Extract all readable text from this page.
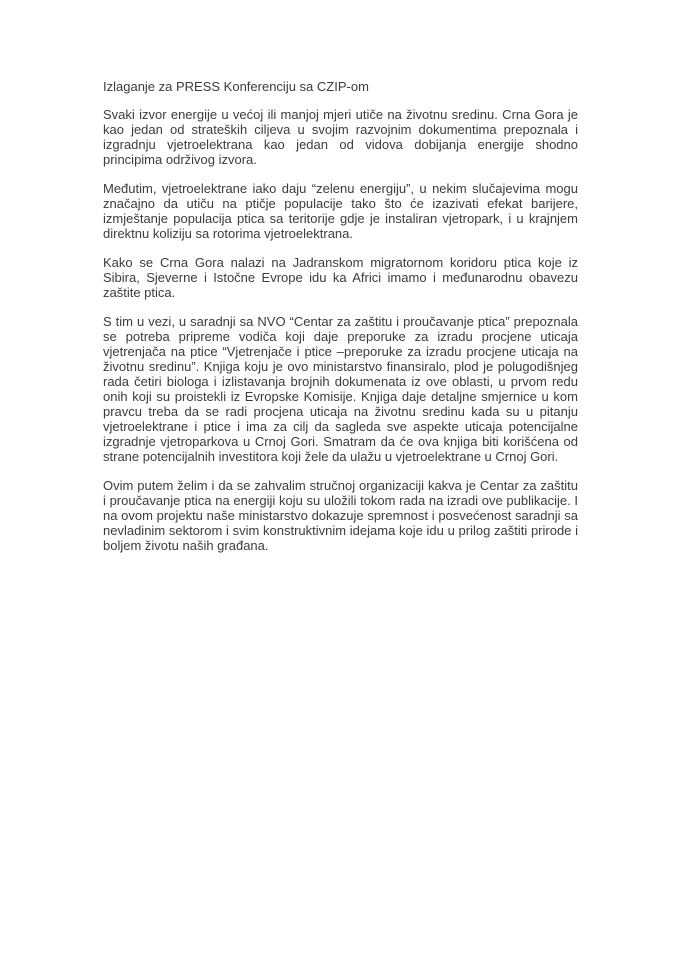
Izlaganje za PRESS Konferenciju sa CZIP-om

Svaki izvor energije u većoj ili manjoj mjeri utiče na životnu sredinu. Crna Gora je kao jedan od strateških ciljeva u svojim razvojnim dokumentima prepoznala i izgradnju vjetroelektrana kao jedan od vidova dobijanja energije shodno principima održivog izvora.

Međutim, vjetroelektrane iako daju “zelenu energiju”, u nekim slučajevima mogu značajno da utiču na ptičje populacije tako što će izazivati efekat barijere, izmještanje populacija ptica sa teritorije gdje je instaliran vjetropark, i u krajnjem direktnu koliziju sa rotorima vjetroelektrana.

Kako se Crna Gora nalazi na Jadranskom migratornom koridoru ptica koje iz Sibira, Sjeverne i Istočne Evrope idu ka Africi imamo i međunarodnu obavezu zaštite ptica.

S tim u vezi, u saradnji sa NVO “Centar za zaštitu i proučavanje ptica” prepoznala se potreba pripreme vodiča koji daje preporuke za izradu procjene uticaja vjetrenjača na ptice “Vjetrenjače i ptice –preporuke za izradu procjene uticaja na životnu sredinu”. Knjiga koju je ovo ministarstvo finansiralo, plod je polugodišnjeg rada četiri biologa i izlistavanja brojnih dokumenata iz ove oblasti, u prvom redu onih koji su proistekli iz Evropske Komisije. Knjiga daje detaljne smjernice u kom pravcu treba da se radi procjena uticaja na životnu sredinu kada su u pitanju vjetroelektrane i ptice i ima za cilj da sagleda sve aspekte uticaja potencijalne izgradnje vjetroparkova u Crnoj Gori. Smatram da će ova knjiga biti korišćena od strane potencijalnih investitora koji žele da ulažu u vjetroelektrane u Crnoj Gori.

Ovim putem želim i da se zahvalim stručnoj organizaciji kakva je Centar za zaštitu i proučavanje ptica na energiji koju su uložili tokom rada na izradi ove publikacije. I na ovom projektu naše ministarstvo dokazuje spremnost i posvećenost saradnji sa nevladinim sektorom i svim konstruktivnim idejama koje idu u prilog zaštiti prirode i boljem životu naših građana.
